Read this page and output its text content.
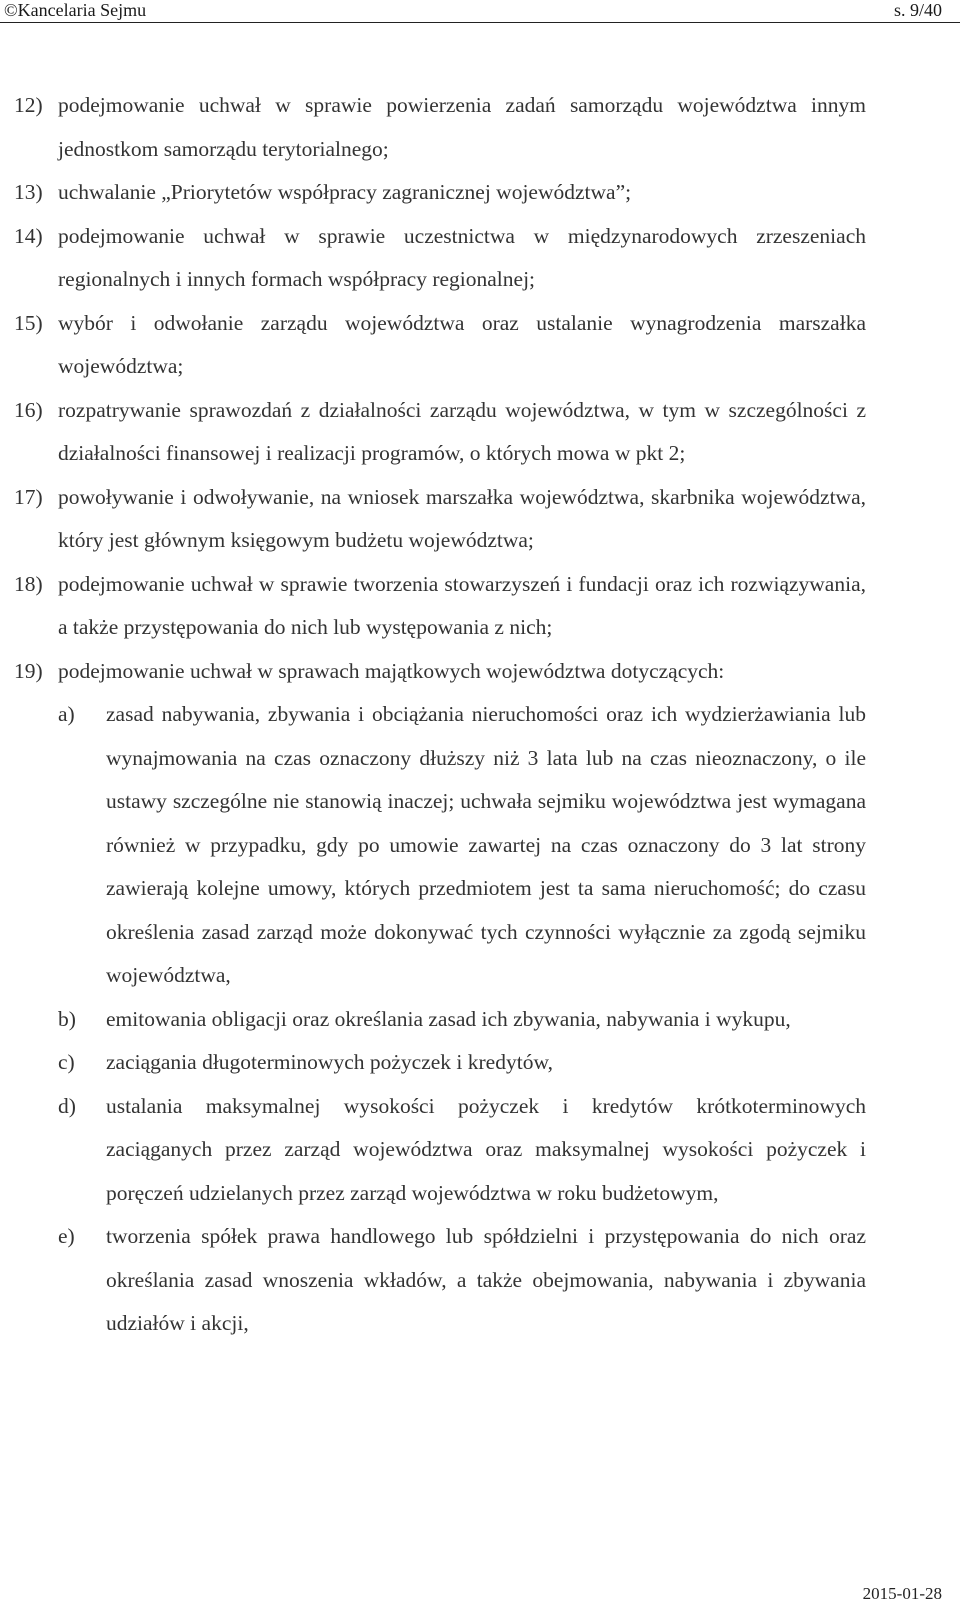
©Kancelaria Sejmu	s. 9/40
12) podejmowanie uchwał w sprawie powierzenia zadań samorządu województwa innym jednostkom samorządu terytorialnego;
13) uchwalanie „Priorytetów współpracy zagranicznej województwa”;
14) podejmowanie uchwał w sprawie uczestnictwa w międzynarodowych zrzeszeniach regionalnych i innych formach współpracy regionalnej;
15) wybór i odwołanie zarządu województwa oraz ustalanie wynagrodzenia marszałka województwa;
16) rozpatrywanie sprawozdań z działalności zarządu województwa, w tym w szczególności z działalności finansowej i realizacji programów, o których mowa w pkt 2;
17) powoływanie i odwoływanie, na wniosek marszałka województwa, skarbnika województwa, który jest głównym księgowym budżetu województwa;
18) podejmowanie uchwał w sprawie tworzenia stowarzyszeń i fundacji oraz ich rozwiązywania, a także przystępowania do nich lub występowania z nich;
19) podejmowanie uchwał w sprawach majątkowych województwa dotyczących:
a) zasad nabywania, zbywania i obciążania nieruchomości oraz ich wydzierżawiania lub wynajmowania na czas oznaczony dłuższy niż 3 lata lub na czas nieoznaczony, o ile ustawy szczególne nie stanowią inaczej; uchwała sejmiku województwa jest wymagana również w przypadku, gdy po umowie zawartej na czas oznaczony do 3 lat strony zawierają kolejne umowy, których przedmiotem jest ta sama nieruchomość; do czasu określenia zasad zarząd może dokonywać tych czynności wyłącznie za zgodą sejmiku województwa,
b) emitowania obligacji oraz określania zasad ich zbywania, nabywania i wykupu,
c) zaciągania długoterminowych pożyczek i kredytów,
d) ustalania maksymalnej wysokości pożyczek i kredytów krótkoterminowych zaciąganych przez zarząd województwa oraz maksymalnej wysokości pożyczek i poręczeń udzielanych przez zarząd województwa w roku budżetowym,
e) tworzenia spółek prawa handlowego lub spółdzielni i przystępowania do nich oraz określania zasad wnoszenia wkładów, a także obejmowania, nabywania i zbywania udziałów i akcji,
2015-01-28
